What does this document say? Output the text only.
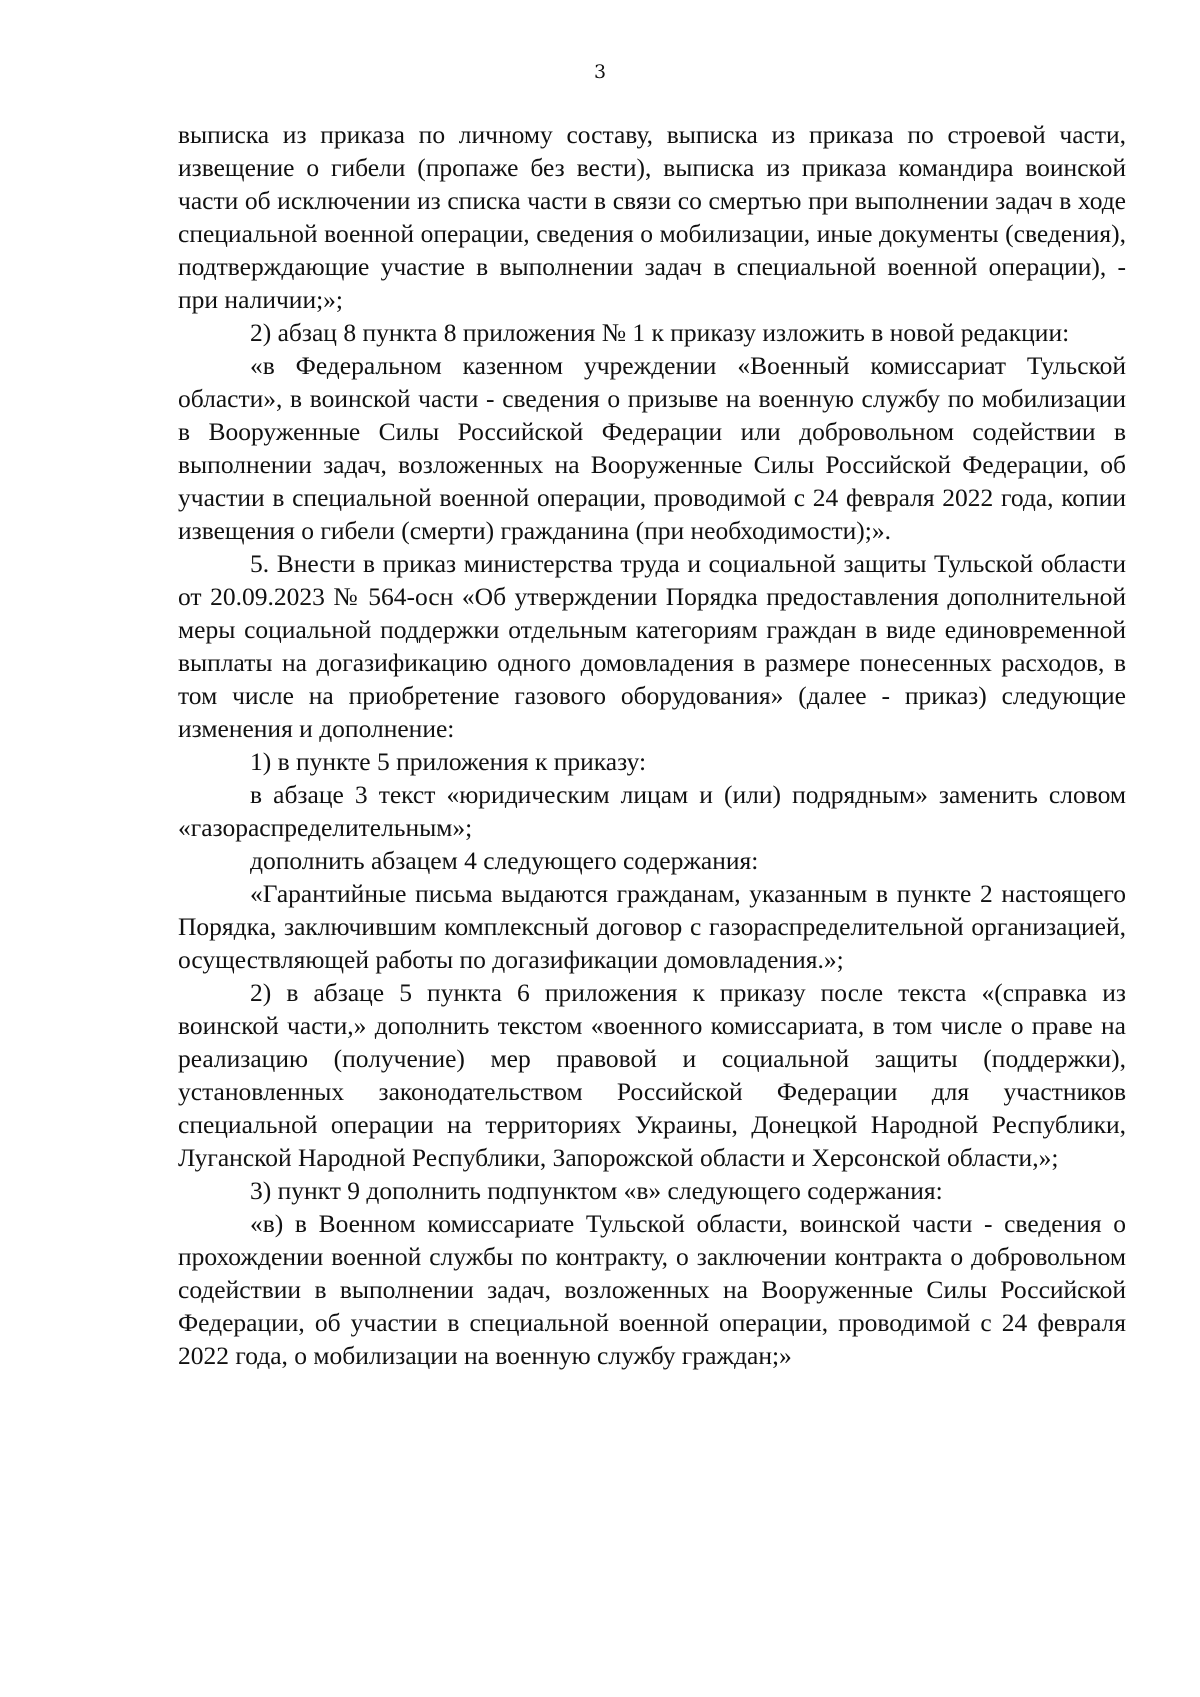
3

выписка из приказа по личному составу, выписка из приказа по строевой части, извещение о гибели (пропаже без вести), выписка из приказа командира воинской части об исключении из списка части в связи со смертью при выполнении задач в ходе специальной военной операции, сведения о мобилизации, иные документы (сведения), подтверждающие участие в выполнении задач в специальной военной операции), - при наличии;»;

2) абзац 8 пункта 8 приложения № 1 к приказу изложить в новой редакции:

«в Федеральном казенном учреждении «Военный комиссариат Тульской области», в воинской части - сведения о призыве на военную службу по мобилизации в Вооруженные Силы Российской Федерации или добровольном содействии в выполнении задач, возложенных на Вооруженные Силы Российской Федерации, об участии в специальной военной операции, проводимой с 24 февраля 2022 года, копии извещения о гибели (смерти) гражданина (при необходимости);».

5. Внести в приказ министерства труда и социальной защиты Тульской области от 20.09.2023 № 564-осн «Об утверждении Порядка предоставления дополнительной меры социальной поддержки отдельным категориям граждан в виде единовременной выплаты на догазификацию одного домовладения в размере понесенных расходов, в том числе на приобретение газового оборудования» (далее - приказ) следующие изменения и дополнение:

1) в пункте 5 приложения к приказу:

в абзаце 3 текст «юридическим лицам и (или) подрядным» заменить словом «газораспределительным»;

дополнить абзацем 4 следующего содержания:

«Гарантийные письма выдаются гражданам, указанным в пункте 2 настоящего Порядка, заключившим комплексный договор с газораспределительной организацией, осуществляющей работы по догазификации домовладения.»;

2) в абзаце 5 пункта 6 приложения к приказу после текста «(справка из воинской части,» дополнить текстом «военного комиссариата, в том числе о праве на реализацию (получение) мер правовой и социальной защиты (поддержки), установленных законодательством Российской Федерации для участников специальной операции на территориях Украины, Донецкой Народной Республики, Луганской Народной Республики, Запорожской области и Херсонской области,»;

3) пункт 9 дополнить подпунктом «в» следующего содержания:

«в) в Военном комиссариате Тульской области, воинской части - сведения о прохождении военной службы по контракту, о заключении контракта о добровольном содействии в выполнении задач, возложенных на Вооруженные Силы Российской Федерации, об участии в специальной военной операции, проводимой с 24 февраля 2022 года, о мобилизации на военную службу граждан;»
